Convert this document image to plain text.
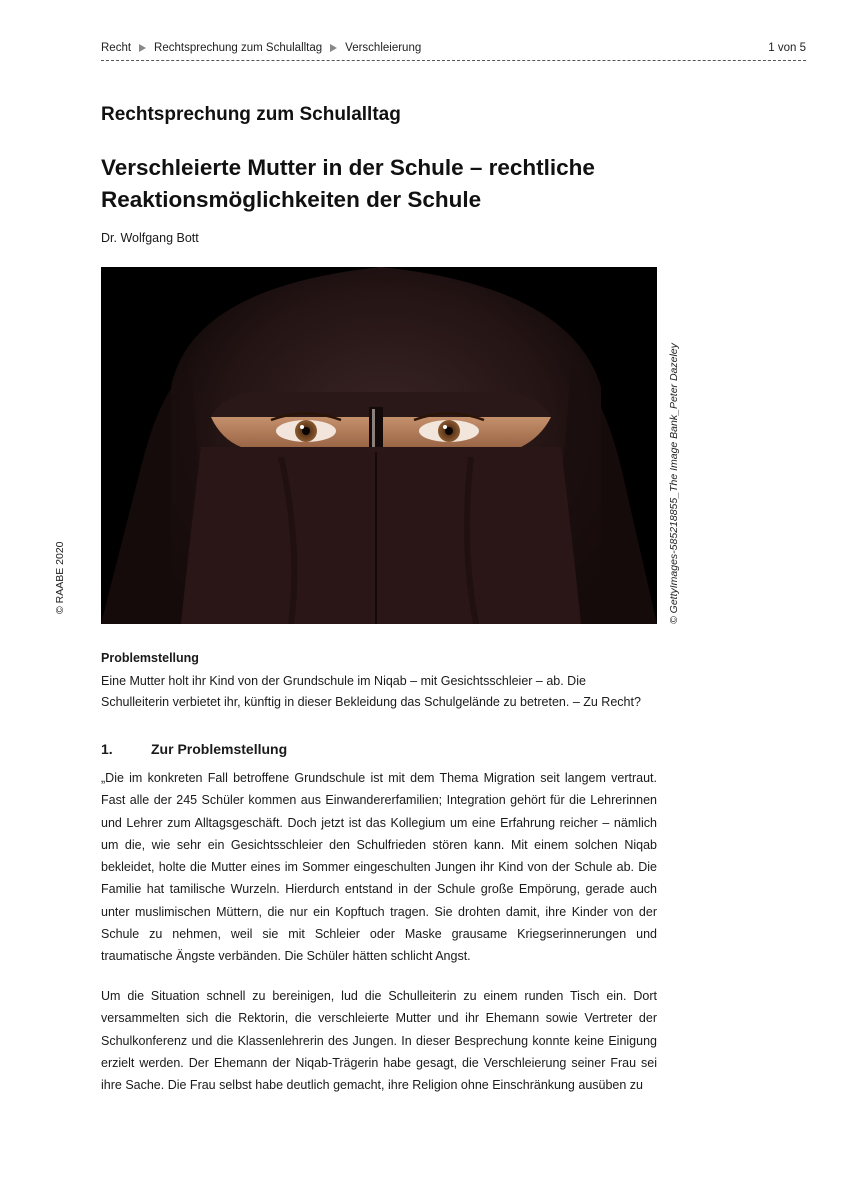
Recht Rechtsprechung zum Schulalltag Verschleierung	1 von 5
Rechtsprechung zum Schulalltag
Verschleierte Mutter in der Schule – rechtliche Reaktionsmöglichkeiten der Schule
Dr. Wolfgang Bott
© GettyImages-585218855_The Image Bank_Peter Dazeley
© RAABE 2020
Problemstellung
Eine Mutter holt ihr Kind von der Grundschule im Niqab – mit Gesichtsschleier – ab. Die Schulleiterin verbietet ihr, künftig in dieser Bekleidung das Schulgelände zu betreten. – Zu Recht?
1.	Zur Problemstellung
„Die im konkreten Fall betroffene Grundschule ist mit dem Thema Migration seit langem vertraut. Fast alle der 245 Schüler kommen aus Einwandererfamilien; Integration gehört für die Lehrerinnen und Lehrer zum Alltagsgeschäft. Doch jetzt ist das Kollegium um eine Erfahrung reicher – nämlich um die, wie sehr ein Gesichtsschleier den Schulfrieden stören kann. Mit einem solchen Niqab bekleidet, holte die Mutter eines im Sommer eingeschulten Jungen ihr Kind von der Schule ab. Die Familie hat tamilische Wurzeln. Hierdurch entstand in der Schule große Empörung, gerade auch unter muslimischen Müttern, die nur ein Kopftuch tragen. Sie drohten damit, ihre Kinder von der Schule zu nehmen, weil sie mit Schleier oder Maske grausame Kriegserinnerungen und traumatische Ängste verbänden. Die Schüler hätten schlicht Angst.
Um die Situation schnell zu bereinigen, lud die Schulleiterin zu einem runden Tisch ein. Dort versammelten sich die Rektorin, die verschleierte Mutter und ihr Ehemann sowie Vertreter der Schulkonferenz und die Klassenlehrerin des Jungen. In dieser Besprechung konnte keine Einigung erzielt werden. Der Ehemann der Niqab-Trägerin habe gesagt, die Verschleierung seiner Frau sei ihre Sache. Die Frau selbst habe deutlich gemacht, ihre Religion ohne Einschränkung ausüben zu
